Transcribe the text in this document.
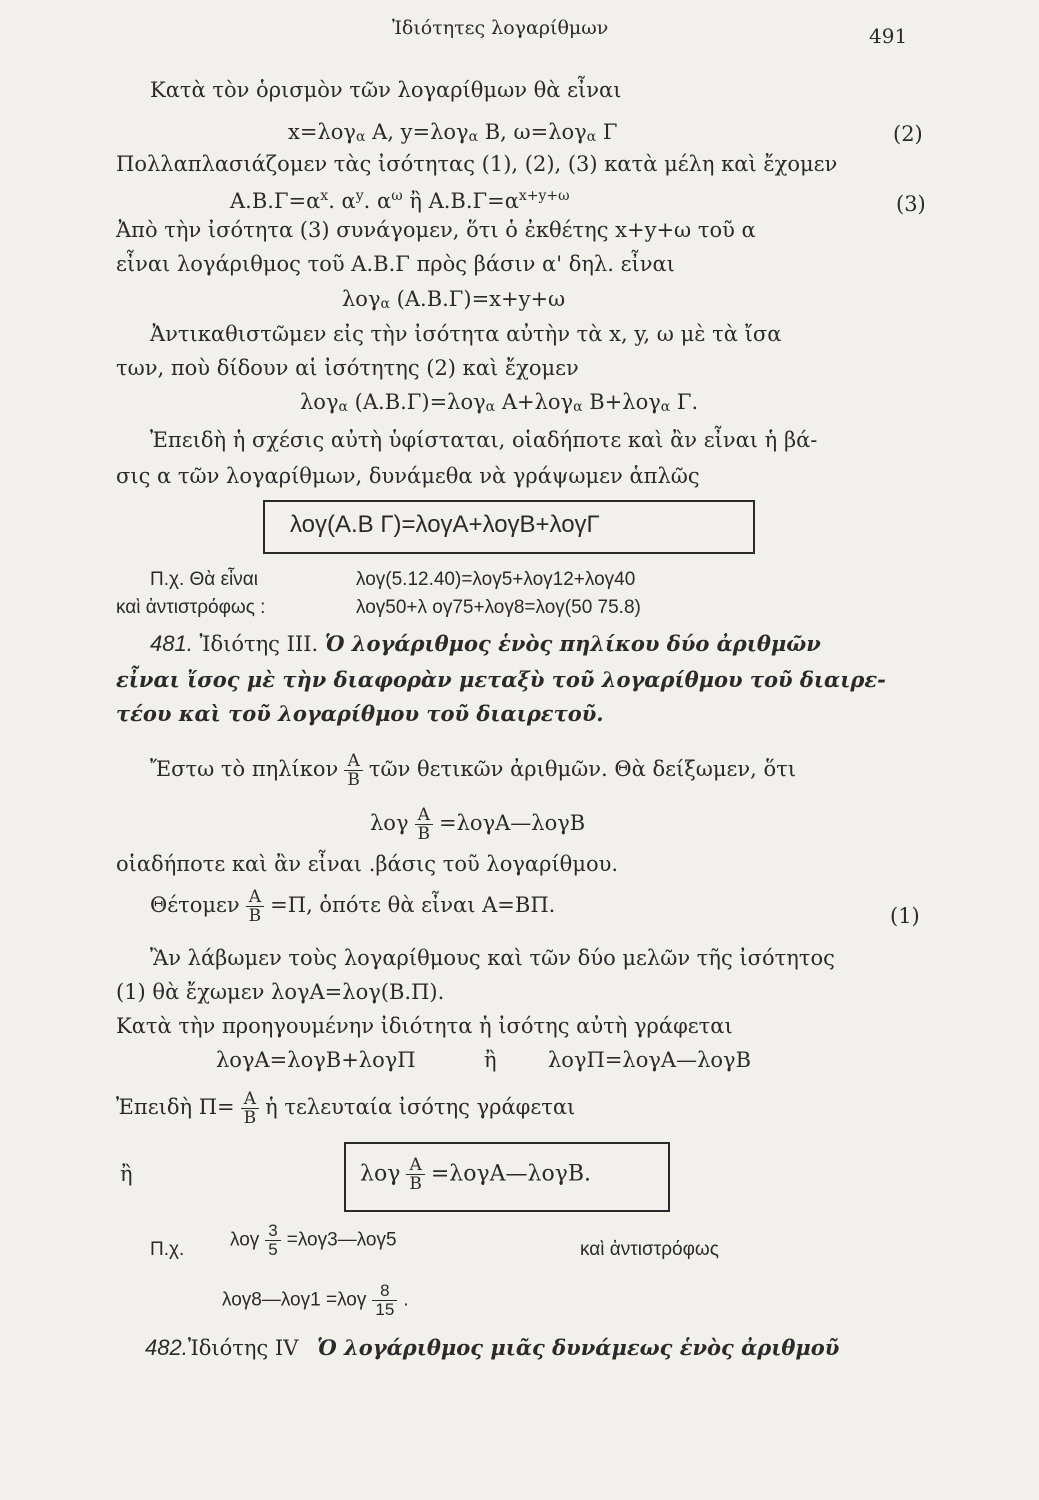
Ἰδιότητες λογαρίθμων	491
Κατὰ τὸν ὁρισμὸν τῶν λογαρίθμων θὰ εἶναι
x=λογα A, y=λογα B, ω=λογα Γ	(2)
Πολλαπλασιάζομεν τὰς ἰσότητας (1), (2), (3) κατὰ μέλη καὶ ἔχομεν
$A.B.\Gamma=\alpha^x$. $\alpha^y$. $\alpha^\omega$ ἢ $A.B.\Gamma=\alpha^{x+y+\omega}$	(3)
Ἀπὸ τὴν ἰσότητα (3) συνάγομεν, ὅτι ὁ ἐκθέτης x+y+ω τοῦ α
εἶναι λογάριθμος τοῦ A.B.Γ πρὸς βάσιν α' δηλ. εἶναι
λογα (A.B.Γ)=x+y+ω
Ἀντικαθιστῶμεν εἰς τὴν ἰσότητα αὐτὴν τὰ x, y, ω μὲ τὰ ἴσα
των, ποὺ δίδουν αἱ ἰσότητης (2) καὶ ἔχομεν
λογα (A.B.Γ)=λογα A+λογα B+λογα Γ.
Ἐπειδὴ ἡ σχέσις αὐτὴ ὑφίσταται, οἱαδήποτε καὶ ἂν εἶναι ἡ βά-
σις α τῶν λογαρίθμων, δυνάμεθα νὰ γράψωμεν ἁπλῶς
λογ(A.B Γ)=λογA+λογB+λογΓ
Π.χ. Θὰ εἶναι	λογ(5.12.40)=λογ5+λογ12+λογ40
καὶ ἀντιστρόφως :	λογ50+λ ογ75+λογ8=λογ(50 75.8)
481. Ἰδιότης III. Ὁ λογάριθμος ἑνὸς πηλίκου δύο ἀριθμῶν
εἶναι ἴσος μὲ τὴν διαφορὰν μεταξὺ τοῦ λογαρίθμου τοῦ διαιρε-
τέου καὶ τοῦ λογαρίθμου τοῦ διαιρετοῦ.
Ἔστω τὸ πηλίκον $\frac{A}{B}$ τῶν θετικῶν ἀριθμῶν. Θὰ δείξωμεν, ὅτι
λογ $\frac{A}{B}$ =λογA—λογB
οἱαδήποτε καὶ ἂν εἶναι .βάσις τοῦ λογαρίθμου.
Θέτομεν $\frac{A}{B} =\Pi$, ὁπότε θὰ εἶναι A=BΠ.	(1)
Ἂν λάβωμεν τοὺς λογαρίθμους καὶ τῶν δύο μελῶν τῆς ἰσότητος
(1) θὰ ἔχωμεν λογA=λογ(B.Π).
Κατὰ τὴν προηγουμένην ἰδιότητα ἡ ἰσότης αὐτὴ γράφεται
λογA=λογB+λογΠ	ἢ λογΠ=λογA—λογB
Ἐπειδὴ $\Pi= \frac{A}{B}$ ἡ τελευταία ἰσότης γράφεται
ἢ	λογ $\frac{A}{B}$ =λογA—λογB.
Π.χ. λογ $\frac{3}{5}$ =λογ3—λογ5	καὶ ἀντιστρόφως
λογ8—λογ1 $=\lambda o\gamma \frac{8}{15}$ .
482.Ἰδιότης IV Ὁ λογάριθμος μιᾶς δυνάμεως ἑνὸς ἀριθμοῦ
